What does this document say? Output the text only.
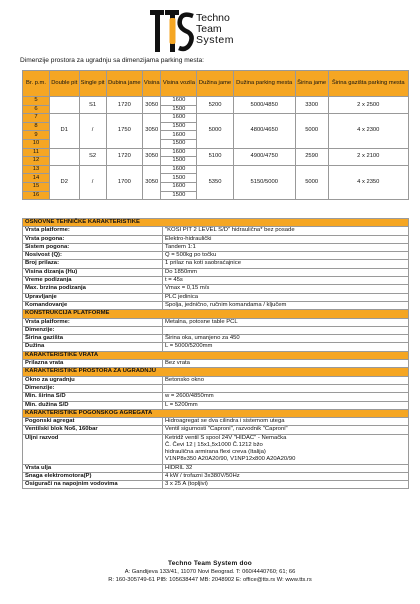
Techno
Team
System
Dimenzije prostora za ugradnju sa dimenzijama parking mesta:
Br. p.m.	Double pit	Single pit	Dubina jame	Visina	Visina vozila	Dužina jame	Dužina parking mesta	Širina jame	Širina gazišta parking mesta
5		S1	1720	3050	1600	5200	5000/4850	3300	2 x 2500
6					1500				
7	D1	/	1750	3050	1600	5000	4800/4650	5000	4 x 2300
8					1500				
9					1600				
10					1500				
11		S2	1720	3050	1600	5100	4900/4750	2590	2 x 2100
12					1500				
13	D2	/	1700	3050	1600	5350	5150/5000	5000	4 x 2350
14					1500				
15					1600				
16					1500				
OSNOVNE TEHNIČKE KARAKTERISTIKE	
Vrsta platforme:	"KOSI PIT 2 LEVEL S/D" hidraulična* bez posade
Vrsta pogona:	Elektro-hidraulički
Sistem pogona:	Tandem 1:1
Nosivost (Q):	Q = 500kg po točku
Broj prilaza:	1 prilaz na koti saobraćajnice
Visina dizanja (Hu)	Do 1850mm
Vreme podizanja	t = 45s
Max. brzina podizanja	Vmax = 0,15 m/s
Upravljanje	PLC jedinica
Komandovanje	Spolja, jednično, ručnim komandama / ključem
KONSTRUKCIJA PLATFORME	
Vrsta platforme:	Metalna, potosne table PCL
Dimenzije:	
Širina gazišta	Širina oka, umanjeno za 450
Dužina	L = 5000/5200mm
KARAKTERISTIKE VRATA	
Prilazna vrata	Bez vrata
KARAKTERISTIKE PROSTORA ZA UGRADNJU	
Okno za ugradnju	Betonsko okno
Dimenzije:	
Min. širina S/D	w = 2600/4850mm
Min. dužina S/D	L = 5200mm
KARAKTERISTIKE POGONSKOG AGREGATA	
Pogonski agregat	Hidroagregat se dva cilindra i sistemom utega
Ventilski blok No6, 160bar	Ventil sigurnosti "Caproni", razvodnik "Caproni"
Uljni razvod	Ketridž ventil S spool 24V "HIDAC" - Nemačka
Č. Čevi 12 | 15x1,5x1000 Č.1212 bžo
hidraulična armirana flexi creva (Italija)
V1NP8x350 A20A20/90, V1NP12x800 A20A20/90

Vrsta ulja	HIDRIL 32
Snaga elektromotora(P)	4 kW / trofazni 3x380V/50Hz
Osigurači na napojnim vodovima	3 x 25 A (topljivi)
Techno Team System doo
A: Gandijeva 133/41, 11070 Novi Beograd. T: 060/4440760; 61; 66
R: 160-305749-61 PIB: 105638447 MB: 2048902 E: office@tts.rs W: www.tts.rs
